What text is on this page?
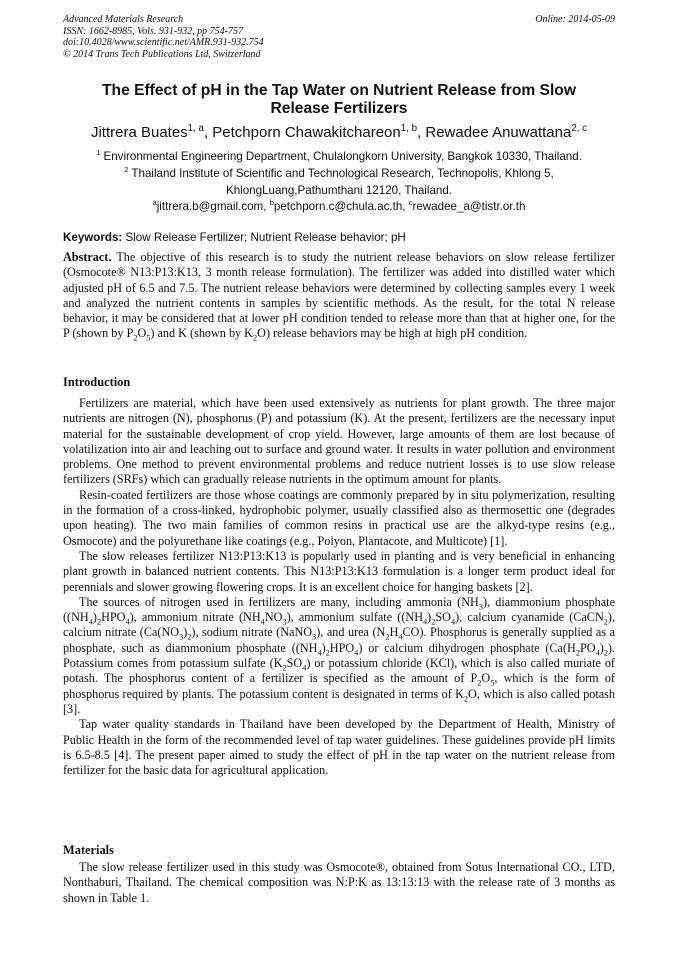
Advanced Materials Research
ISSN: 1662-8985, Vols. 931-932, pp 754-757
doi:10.4028/www.scientific.net/AMR.931-932.754
© 2014 Trans Tech Publications Ltd, Switzerland
Online: 2014-05-09
The Effect of pH in the Tap Water on Nutrient Release from Slow
Release Fertilizers
Jittrera Buates$^{1, a}$, Petchporn Chawakitchareon$^{1, b}$, Rewadee Anuwattana$^{2, c}$
$^1$ Environmental Engineering Department, Chulalongkorn University, Bangkok 10330, Thailand.
$^2$ Thailand Institute of Scientific and Technological Research, Technopolis, Khlong 5,
KhlongLuang,Pathumthani 12120, Thailand.
$^a$jittrera.b@gmail.com, $^b$petchporn.c@chula.ac.th, $^c$rewadee_a@tistr.or.th
Keywords: Slow Release Fertilizer; Nutrient Release behavior; pH

Abstract. The objective of this research is to study the nutrient release behaviors on slow release fertilizer (Osmocote® N13:P13:K13, 3 month release formulation). The fertilizer was added into distilled water which adjusted pH of 6.5 and 7.5. The nutrient release behaviors were determined by collecting samples every 1 week and analyzed the nutrient contents in samples by scientific methods. As the result, for the total N release behavior, it may be considered that at lower pH condition tended to release more than that at higher one, for the P (shown by $P_2O_5$) and K (shown by $K_2O$) release behaviors may be high at high pH condition.

Introduction

Fertilizers are material, which have been used extensively as nutrients for plant growth. The three major nutrients are nitrogen (N), phosphorus (P) and potassium (K). At the present, fertilizers are the necessary input material for the sustainable development of crop yield. However, large amounts of them are lost because of volatilization into air and leaching out to surface and ground water. It results in water pollution and environment problems. One method to prevent environmental problems and reduce nutrient losses is to use slow release fertilizers (SRFs) which can gradually release nutrients in the optimum amount for plants.

Resin-coated fertilizers are those whose coatings are commonly prepared by in situ polymerization, resulting in the formation of a cross-linked, hydrophobic polymer, usually classified also as thermosettic one (degrades upon heating). The two main families of common resins in practical use are the alkyd-type resins (e.g., Osmocote) and the polyurethane like coatings (e.g., Polyon, Plantacote, and Multicote) [1].

The slow releases fertilizer N13:P13:K13 is popularly used in planting and is very beneficial in enhancing plant growth in balanced nutrient contents. This N13:P13:K13 formulation is a longer term product ideal for perennials and slower growing flowering crops. It is an excellent choice for hanging baskets [2].

The sources of nitrogen used in fertilizers are many, including ammonia $(NH_3)$, diammonium phosphate $((NH_4)_2HPO_4)$, ammonium nitrate $(NH_4NO_3)$, ammonium sulfate $((NH_4)_2SO_4)$, calcium cyanamide (CaCN$_2$), calcium nitrate $(Ca(NO_3)_2)$, sodium nitrate (NaNO$_3$), and urea $(N_2H_4CO)$. Phosphorus is generally supplied as a phosphate, such as diammonium phosphate $((NH_4)_2HPO_4)$ or calcium dihydrogen phosphate $(Ca(H_2PO_4)_2)$. Potassium comes from potassium sulfate $(K_2SO_4)$ or potassium chloride (KCl), which is also called muriate of potash. The phosphorus content of a fertilizer is specified as the amount of $P_2O_5$, which is the form of phosphorus required by plants. The potassium content is designated in terms of $K_2O$, which is also called potash [3].

Tap water quality standards in Thailand have been developed by the Department of Health, Ministry of Public Health in the form of the recommended level of tap water guidelines. These guidelines provide pH limits is 6.5-8.5 [4]. The present paper aimed to study the effect of pH in the tap water on the nutrient release from fertilizer for the basic data for agricultural application.

Materials

The slow release fertilizer used in this study was Osmocote®, obtained from Sotus International CO., LTD, Nonthaburi, Thailand. The chemical composition was N:P:K as 13:13:13 with the release rate of 3 months as shown in Table 1.
